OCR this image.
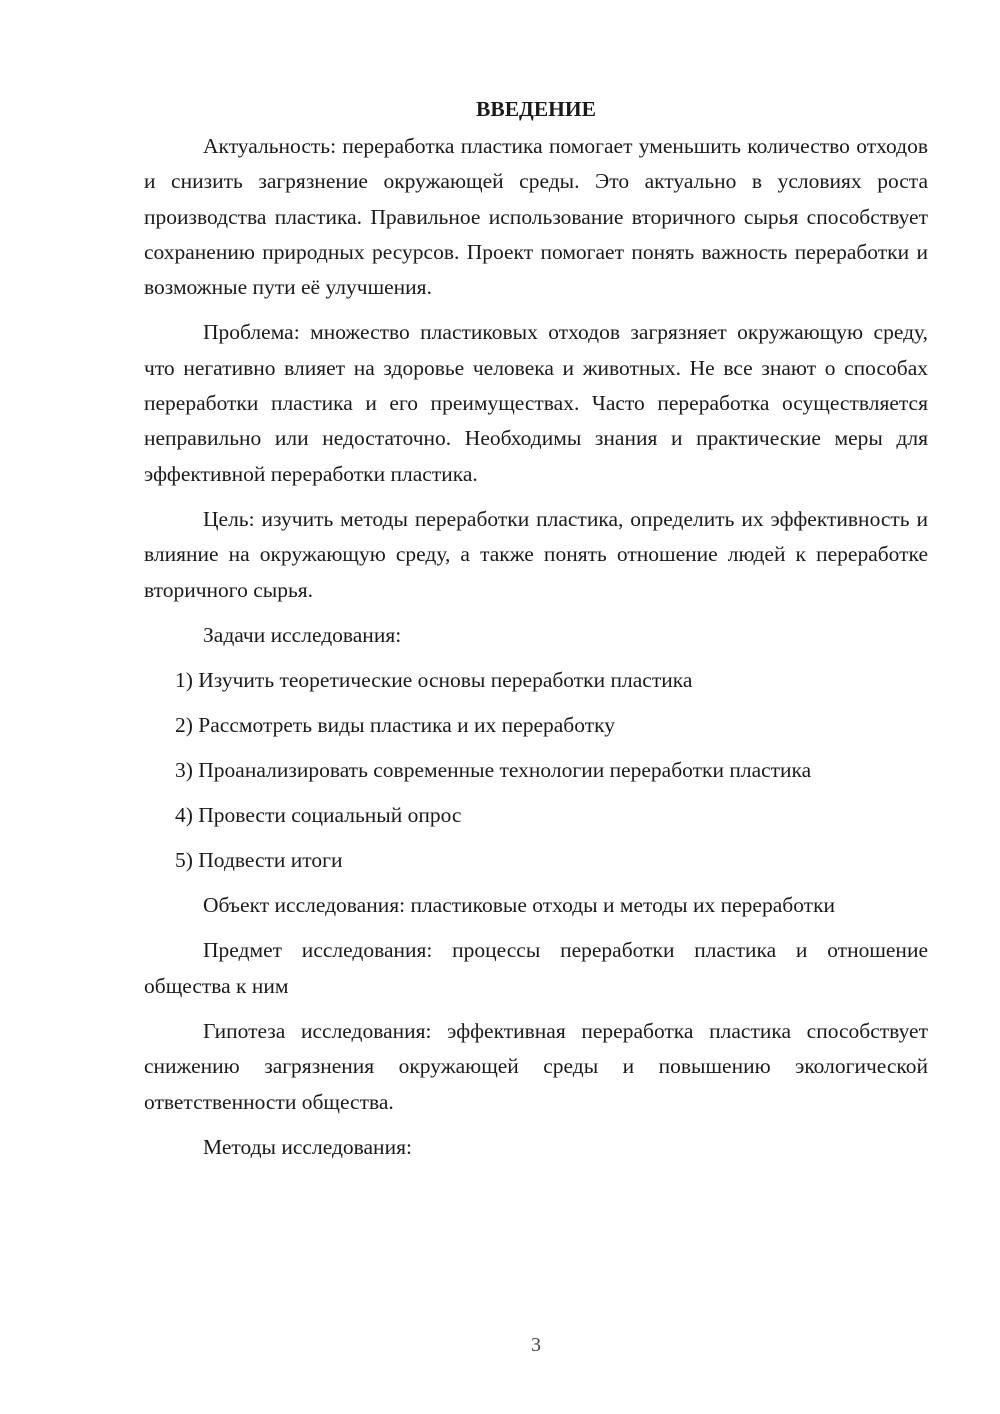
ВВЕДЕНИЕ

Актуальность: переработка пластика помогает уменьшить количество отходов и снизить загрязнение окружающей среды. Это актуально в условиях роста производства пластика. Правильное использование вторичного сырья способствует сохранению природных ресурсов. Проект помогает понять важность переработки и возможные пути её улучшения.

Проблема: множество пластиковых отходов загрязняет окружающую среду, что негативно влияет на здоровье человека и животных. Не все знают о способах переработки пластика и его преимуществах. Часто переработка осуществляется неправильно или недостаточно. Необходимы знания и практические меры для эффективной переработки пластика.

Цель: изучить методы переработки пластика, определить их эффективность и влияние на окружающую среду, а также понять отношение людей к переработке вторичного сырья.

Задачи исследования:

1) Изучить теоретические основы переработки пластика
2) Рассмотреть виды пластика и их переработку
3) Проанализировать современные технологии переработки пластика
4) Провести социальный опрос
5) Подвести итоги

Объект исследования: пластиковые отходы и методы их переработки

Предмет исследования: процессы переработки пластика и отношение общества к ним

Гипотеза исследования: эффективная переработка пластика способствует снижению загрязнения окружающей среды и повышению экологической ответственности общества.

Методы исследования:

3
